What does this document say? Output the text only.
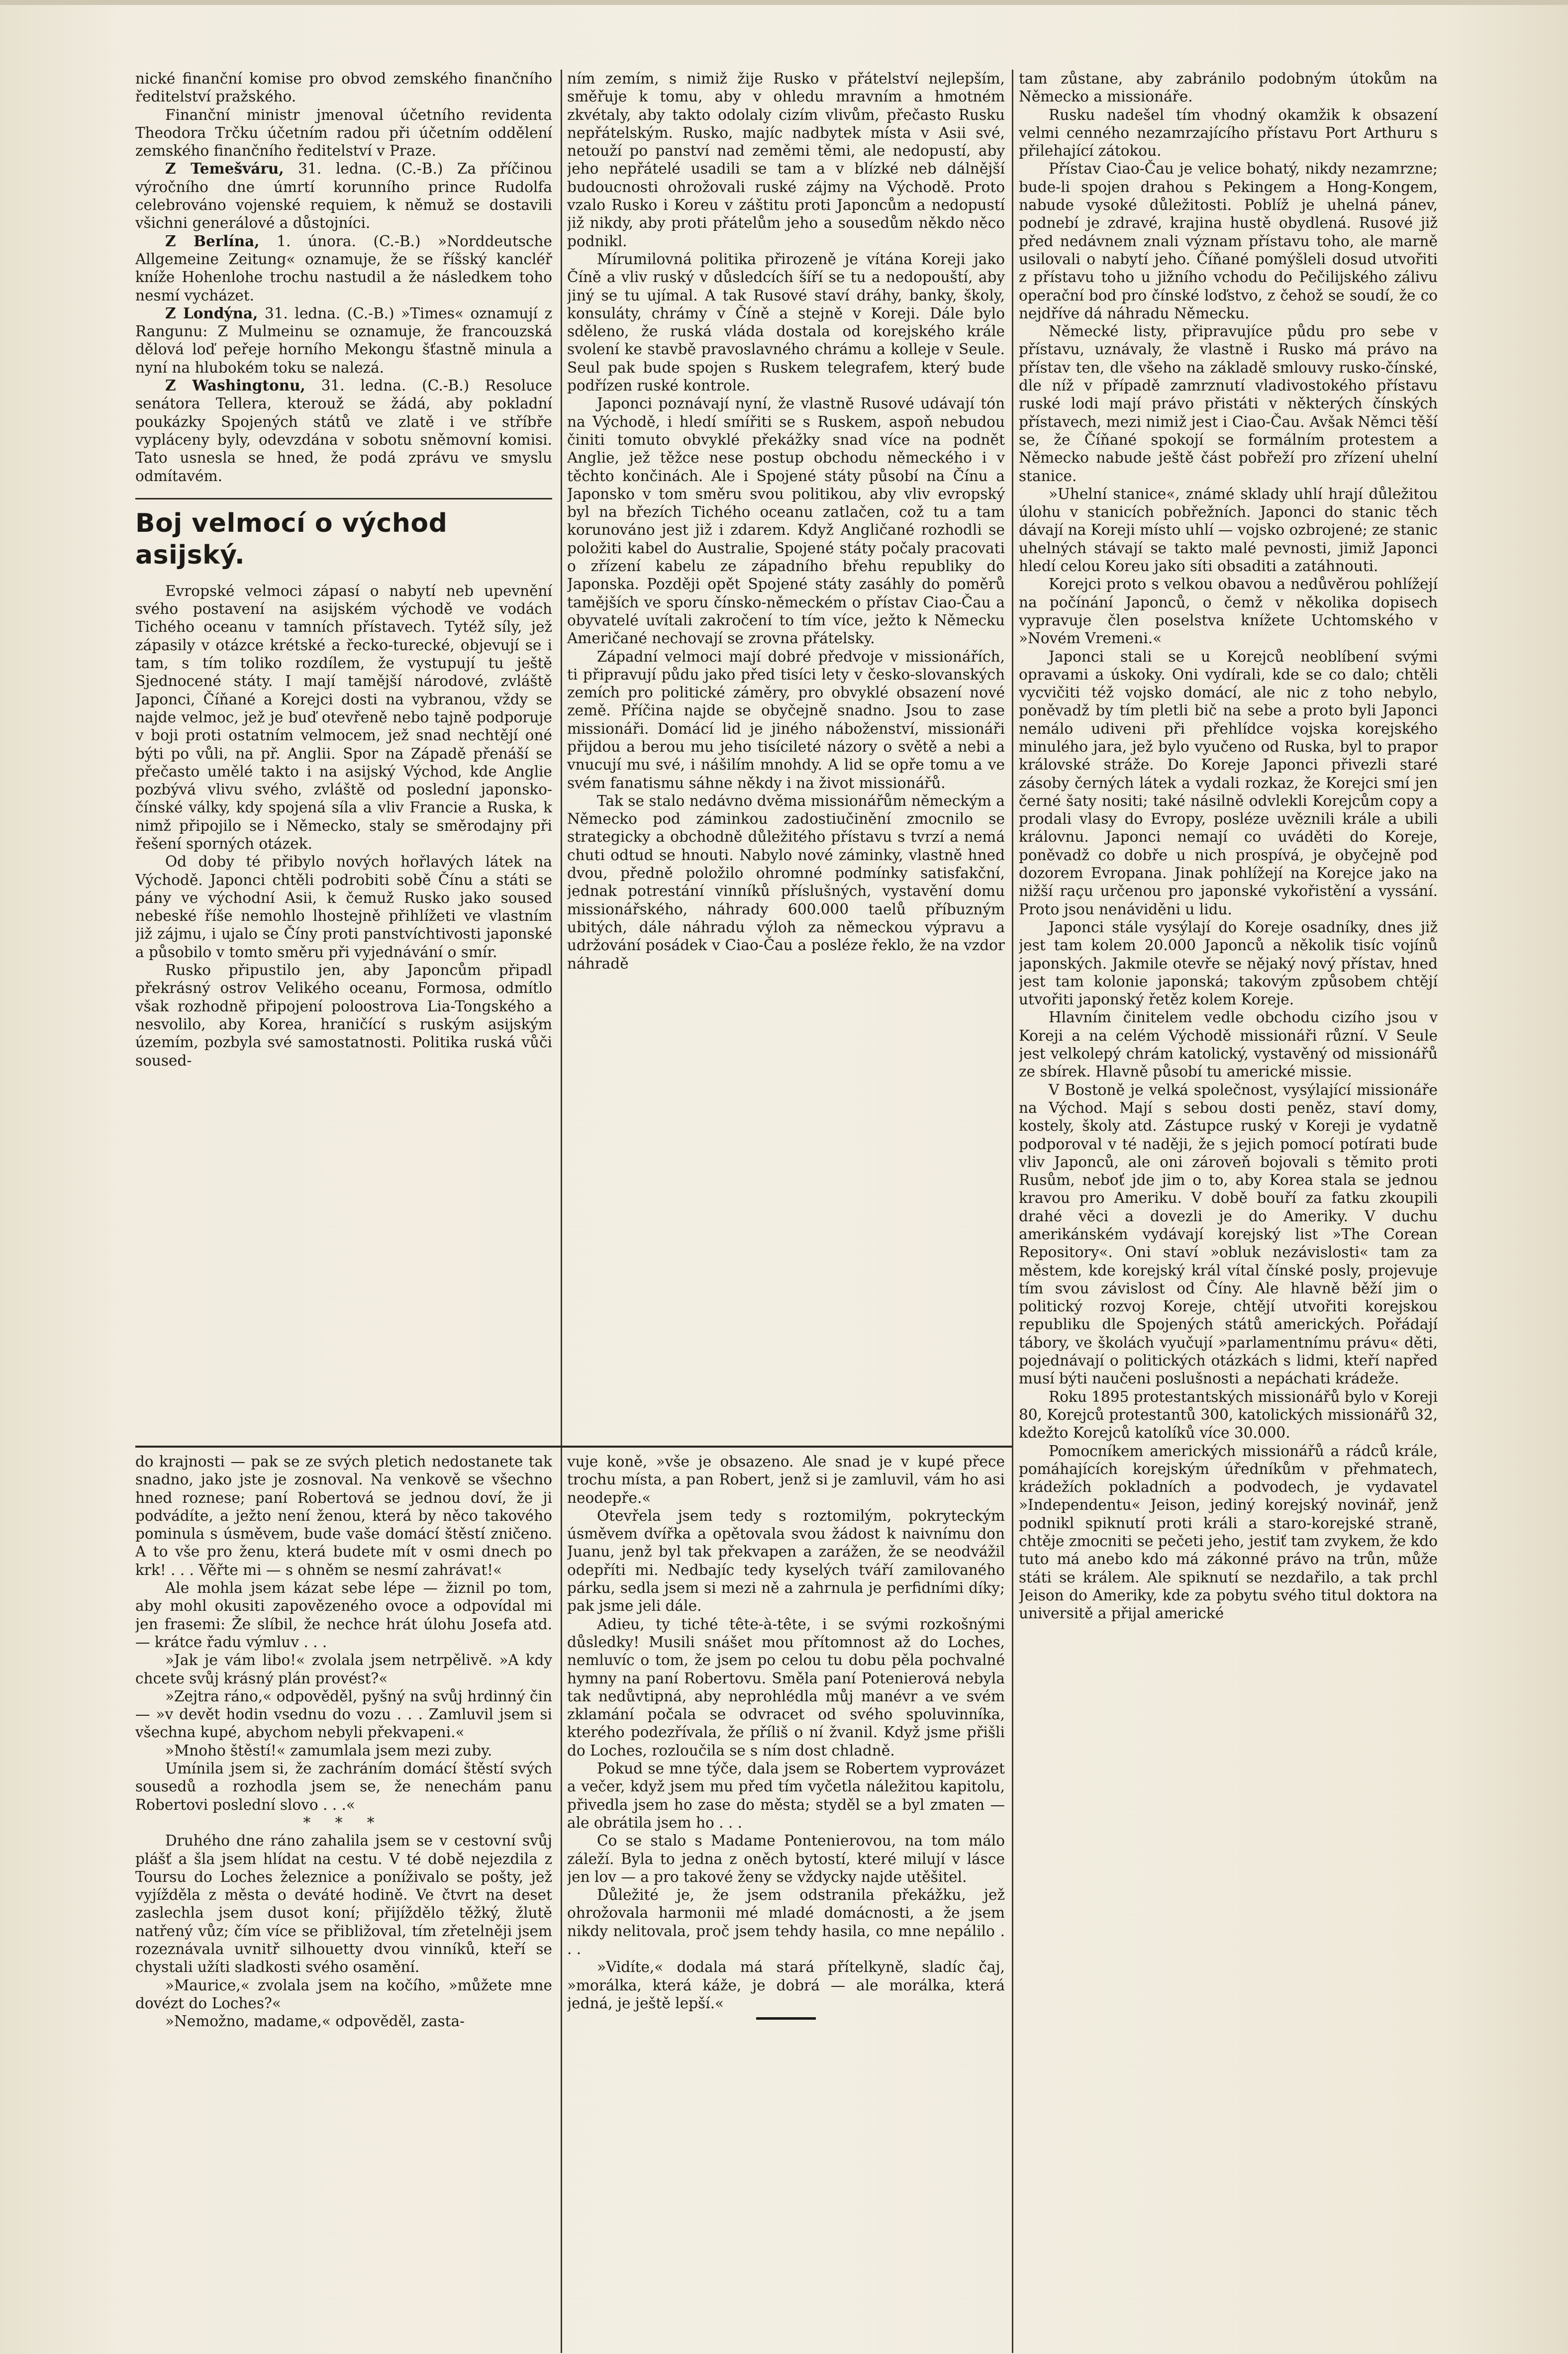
nické finanční komise pro obvod zemského finančního ředitelství pražského.

Finanční ministr jmenoval účetního revidenta Theodora Trčku účetním radou při účetním oddělení zemského finančního ředitelství v Praze.

Z Temešváru, 31. ledna. (C.-B.) Za příčinou výročního dne úmrtí korunního prince Rudolfa celebrováno vojenské requiem, k němuž se dostavili všichni generálové a důstojníci.

Z Berlína, 1. února. (C.-B.) »Norddeutsche Allgemeine Zeitung« oznamuje, že se říšský kancléř kníže Hohenlohe trochu nastudil a že následkem toho nesmí vycházet.

Z Londýna, 31. ledna. (C.-B.) »Times« oznamují z Rangunu: Z Mulmeinu se oznamuje, že francouzská dělová loď peřeje horního Mekongu šťastně minula a nyní na hlubokém toku se nalezá.

Z Washingtonu, 31. ledna. (C.-B.) Resoluce senátora Tellera, kterouž se žádá, aby pokladní poukázky Spojených států ve zlatě i ve stříbře vypláceny byly, odevzdána v sobotu sněmovní komisi. Tato usnesla se hned, že podá zprávu ve smyslu odmítavém.

Boj velmocí o východ asijský.

Evropské velmoci zápasí o nabytí neb upevnění svého postavení na asijském východě ve vodách Tichého oceanu v tamních přístavech. Tytéž síly, jež zápasily v otázce krétské a řecko-turecké, objevují se i tam, s tím toliko rozdílem, že vystupují tu ještě Sjednocené státy. I mají tamější národové, zvláště Japonci, Číňané a Korejci dosti na vybranou, vždy se najde velmoc, jež je buď otevřeně nebo tajně podporuje v boji proti ostatním velmocem, jež snad nechtějí oné býti po vůli, na př. Anglii. Spor na Západě přenáší se přečasto umělé takto i na asijský Východ, kde Anglie pozbývá vlivu svého, zvláště od poslední japonsko-čínské války, kdy spojená síla a vliv Francie a Ruska, k nimž připojilo se i Německo, staly se směrodajny při řešení sporných otázek.

Od doby té přibylo nových hořlavých látek na Východě. Japonci chtěli podrobiti sobě Čínu a státi se pány ve východní Asii, k čemuž Rusko jako soused nebeské říše nemohlo lhostejně přihlížeti ve vlastním již zájmu, i ujalo se Číny proti panstvíchtivosti japonské a působilo v tomto směru při vyjednávání o smír.

Rusko připustilo jen, aby Japoncům připadl překrásný ostrov Velikého oceanu, Formosa, odmítlo však rozhodně připojení poloostrova Lia-Tongského a nesvolilo, aby Korea, hraničící s ruským asijským územím, pozbyla své samostatnosti. Politika ruská vůči soused-

ním zemím, s nimiž žije Rusko v přátelství nejlepším, směřuje k tomu, aby v ohledu mravním a hmotném zkvétaly, aby takto odolaly cizím vlivům, přečasto Rusku nepřátelským. Rusko, majíc nadbytek místa v Asii své, netouží po panství nad zeměmi těmi, ale nedopustí, aby jeho nepřátelé usadili se tam a v blízké neb dálnější budoucnosti ohrožovali ruské zájmy na Východě. Proto vzalo Rusko i Koreu v záštitu proti Japoncům a nedopustí již nikdy, aby proti přátelům jeho a sousedům někdo něco podnikl.

Mírumilovná politika přirozeně je vítána Koreji jako Číně a vliv ruský v důsledcích šíří se tu a nedopouští, aby jiný se tu ujímal. A tak Rusové staví dráhy, banky, školy, konsuláty, chrámy v Číně a stejně v Koreji. Dále bylo sděleno, že ruská vláda dostala od korejského krále svolení ke stavbě pravoslavného chrámu a kolleje v Seule. Seul pak bude spojen s Ruskem telegrafem, který bude podřízen ruské kontrole.

Japonci poznávají nyní, že vlastně Rusové udávají tón na Východě, i hledí smířiti se s Ruskem, aspoň nebudou činiti tomuto obvyklé překážky snad více na podnět Anglie, jež těžce nese postup obchodu německého i v těchto končinách. Ale i Spojené státy působí na Čínu a Japonsko v tom směru svou politikou, aby vliv evropský byl na březích Tichého oceanu zatlačen, což tu a tam korunováno jest již i zdarem. Když Angličané rozhodli se položiti kabel do Australie, Spojené státy počaly pracovati o zřízení kabelu ze západního břehu republiky do Japonska. Později opět Spojené státy zasáhly do poměrů tamějších ve sporu čínsko-německém o přístav Ciao-Čau a obyvatelé uvítali zakročení to tím více, ježto k Německu Američané nechovají se zrovna přátelsky.

Západní velmoci mají dobré předvoje v missionářích, ti připravují půdu jako před tisíci lety v česko-slovanských zemích pro politické záměry, pro obvyklé obsazení nové země. Příčina najde se obyčejně snadno. Jsou to zase missionáři. Domácí lid je jiného náboženství, missionáři přijdou a berou mu jeho tisícileté názory o světě a nebi a vnucují mu své, i nášilím mnohdy. A lid se opře tomu a ve svém fanatismu sáhne někdy i na život missionářů.

Tak se stalo nedávno dvěma missionářům německým a Německo pod záminkou zadostiučinění zmocnilo se strategicky a obchodně důležitého přístavu s tvrzí a nemá chuti odtud se hnouti. Nabylo nové záminky, vlastně hned dvou, předně položilo ohromné podmínky satisfakční, jednak potrestání vinníků příslušných, vystavění domu missionářského, náhrady 600.000 taelů příbuzným ubitých, dále náhradu výloh za německou výpravu a udržování posádek v Ciao-Čau a posléze řeklo, že na vzdor náhradě

tam zůstane, aby zabránilo podobným útokům na Německo a missionáře.

Rusku nadešel tím vhodný okamžik k obsazení velmi cenného nezamrzajícího přístavu Port Arthuru s přilehající zátokou.

Přístav Ciao-Čau je velice bohatý, nikdy nezamrzne; bude-li spojen drahou s Pekingem a Hong-Kongem, nabude vysoké důležitosti. Poblíž je uhelná pánev, podnebí je zdravé, krajina hustě obydlená. Rusové již před nedávnem znali význam přístavu toho, ale marně usilovali o nabytí jeho. Číňané pomýšleli dosud utvořiti z přístavu toho u jižního vchodu do Pečilijského zálivu operační bod pro čínské loďstvo, z čehož se soudí, že co nejdříve dá náhradu Německu.

Německé listy, připravujíce půdu pro sebe v přístavu, uznávaly, že vlastně i Rusko má právo na přístav ten, dle všeho na základě smlouvy rusko-čínské, dle níž v případě zamrznutí vladivostokého přístavu ruské lodi mají právo přistáti v některých čínských přístavech, mezi nimiž jest i Ciao-Čau. Avšak Němci těší se, že Číňané spokojí se formálním protestem a Německo nabude ještě část pobřeží pro zřízení uhelní stanice.

»Uhelní stanice«, známé sklady uhlí hrají důležitou úlohu v stanicích pobřežních. Japonci do stanic těch dávají na Koreji místo uhlí — vojsko ozbrojené; ze stanic uhelných stávají se takto malé pevnosti, jimiž Japonci hledí celou Koreu jako síti obsaditi a zatáhnouti.

Korejci proto s velkou obavou a nedůvěrou pohlížejí na počínání Japonců, o čemž v několika dopisech vypravuje člen poselstva knížete Uchtomského v »Novém Vremeni.«

Japonci stali se u Korejců neoblíbení svými opravami a úskoky. Oni vydírali, kde se co dalo; chtěli vycvičiti též vojsko domácí, ale nic z toho nebylo, poněvadž by tím pletli bič na sebe a proto byli Japonci nemálo udiveni při přehlídce vojska korejského minulého jara, jež bylo vyučeno od Ruska, byl to prapor královské stráže. Do Koreje Japonci přivezli staré zásoby černých látek a vydali rozkaz, že Korejci smí jen černé šaty nositi; také násilně odvlekli Korejcům copy a prodali vlasy do Evropy, posléze uvěznili krále a ubili královnu. Japonci nemají co uváděti do Koreje, poněvadž co dobře u nich prospívá, je obyčejně pod dozorem Evropana. Jinak pohlížejí na Korejce jako na nižší raçu určenou pro japonské vykořistění a vyssání. Proto jsou nenáviděni u lidu.

Japonci stále vysýlají do Koreje osadníky, dnes již jest tam kolem 20.000 Japonců a několik tisíc vojínů japonských. Jakmile otevře se nějaký nový přístav, hned jest tam kolonie japonská; takovým způsobem chtějí utvořiti japonský řetěz kolem Koreje.

Hlavním činitelem vedle obchodu cizího jsou v Koreji a na celém Východě missionáři různí. V Seule jest velkolepý chrám katolický, vystavěný od missionářů ze sbírek. Hlavně působí tu americké missie.

V Bostoně je velká společnost, vysýlající missionáře na Východ. Mají s sebou dosti peněz, staví domy, kostely, školy atd. Zástupce ruský v Koreji je vydatně podporoval v té naději, že s jejich pomocí potírati bude vliv Japonců, ale oni zároveň bojovali s těmito proti Rusům, neboť jde jim o to, aby Korea stala se jednou kravou pro Ameriku. V době bouří za fatku zkoupili drahé věci a dovezli je do Ameriky. V duchu amerikánském vydávají korejský list »The Corean Repository«. Oni staví »obluk nezávislosti« tam za městem, kde korejský král vítal čínské posly, projevuje tím svou závislost od Číny. Ale hlavně běží jim o politický rozvoj Koreje, chtějí utvořiti korejskou republiku dle Spojených států amerických. Pořádají tábory, ve školách vyučují »parlamentnímu právu« děti, pojednávají o politických otázkách s lidmi, kteří napřed musí býti naučeni poslušnosti a nepáchati krádeže.

Roku 1895 protestantských missionářů bylo v Koreji 80, Korejců protestantů 300, katolických missionářů 32, kdežto Korejců katolíků více 30.000.

Pomocníkem amerických missionářů a rádců krále, pomáhajících korejským úředníkům v přehmatech, krádežích pokladních a podvodech, je vydavatel »Independentu« Jeison, jediný korejský novinář, jenž podnikl spiknutí proti králi a staro-korejské straně, chtěje zmocniti se pečeti jeho, jestiť tam zvykem, že kdo tuto má anebo kdo má zákonné právo na trůn, může státi se králem. Ale spiknutí se nezdařilo, a tak prchl Jeison do Ameriky, kde za pobytu svého titul doktora na universitě a přijal americké

do krajnosti — pak se ze svých pletich nedostanete tak snadno, jako jste je zosnoval. Na venkově se všechno hned roznese; paní Robertová se jednou doví, že ji podvádíte, a ježto není ženou, která by něco takového pominula s úsměvem, bude vaše domácí štěstí zničeno. A to vše pro ženu, která budete mít v osmi dnech po krk! . . . Věřte mi — s ohněm se nesmí zahrávat!«

Ale mohla jsem kázat sebe lépe — žiznil po tom, aby mohl okusiti zapovězeného ovoce a odpovídal mi jen frasemi: Že slíbil, že nechce hrát úlohu Josefa atd. — krátce řadu výmluv . . .

»Jak je vám libo!« zvolala jsem netrpělivě. »A kdy chcete svůj krásný plán provést?«

»Zejtra ráno,« odpověděl, pyšný na svůj hrdinný čin — »v devět hodin vsednu do vozu . . . Zamluvil jsem si všechna kupé, abychom nebyli překvapeni.«

»Mnoho štěstí!« zamumlala jsem mezi zuby.

Umínila jsem si, že zachráním domácí štěstí svých sousedů a rozhodla jsem se, že nenechám panu Robertovi poslední slovo . . .«

* * *

Druhého dne ráno zahalila jsem se v cestovní svůj plášť a šla jsem hlídat na cestu. V té době nejezdila z Toursu do Loches železnice a poníživalo se pošty, jež vyjížděla z města o deváté hodině. Ve čtvrt na deset zaslechla jsem dusot koní; přijíždělo těžký, žlutě natřený vůz; čím více se přibližoval, tím zřetelněji jsem rozeznávala uvnitř silhouetty dvou vinníků, kteří se chystali užíti sladkosti svého osamění.

»Maurice,« zvolala jsem na kočího, »můžete mne dovézt do Loches?«

»Nemožno, madame,« odpověděl, zasta-

vuje koně, »vše je obsazeno. Ale snad je v kupé přece trochu místa, a pan Robert, jenž si je zamluvil, vám ho asi neodepře.«

Otevřela jsem tedy s roztomilým, pokryteckým úsměvem dvířka a opětovala svou žádost k naivnímu don Juanu, jenž byl tak překvapen a zarážen, že se neodvážil odepříti mi. Nedbajíc tedy kyselých tváří zamilovaného párku, sedla jsem si mezi ně a zahrnula je perfidními díky; pak jsme jeli dále.

Adieu, ty tiché tête-à-tête, i se svými rozkošnými důsledky! Musili snášet mou přítomnost až do Loches, nemluvíc o tom, že jsem po celou tu dobu pěla pochvalné hymny na paní Robertovu. Směla paní Potenierová nebyla tak nedůvtipná, aby neprohlédla můj manévr a ve svém zklamání počala se odvracet od svého spoluvinníka, kterého podezřívala, že příliš o ní žvanil. Když jsme přišli do Loches, rozloučila se s ním dost chladně.

Pokud se mne týče, dala jsem se Robertem vyprovázet a večer, když jsem mu před tím vyčetla náležitou kapitolu, přivedla jsem ho zase do města; styděl se a byl zmaten — ale obrátila jsem ho . . .

Co se stalo s Madame Pontenierovou, na tom málo záleží. Byla to jedna z oněch bytostí, které milují v lásce jen lov — a pro takové ženy se vždycky najde utěšitel.

Důležité je, že jsem odstranila překážku, jež ohrožovala harmonii mé mladé domácnosti, a že jsem nikdy nelitovala, proč jsem tehdy hasila, co mne nepálilo . . .

»Vidíte,« dodala má stará přítelkyně, sladíc čaj, »morálka, která káže, je dobrá — ale morálka, která jedná, je ještě lepší.«
